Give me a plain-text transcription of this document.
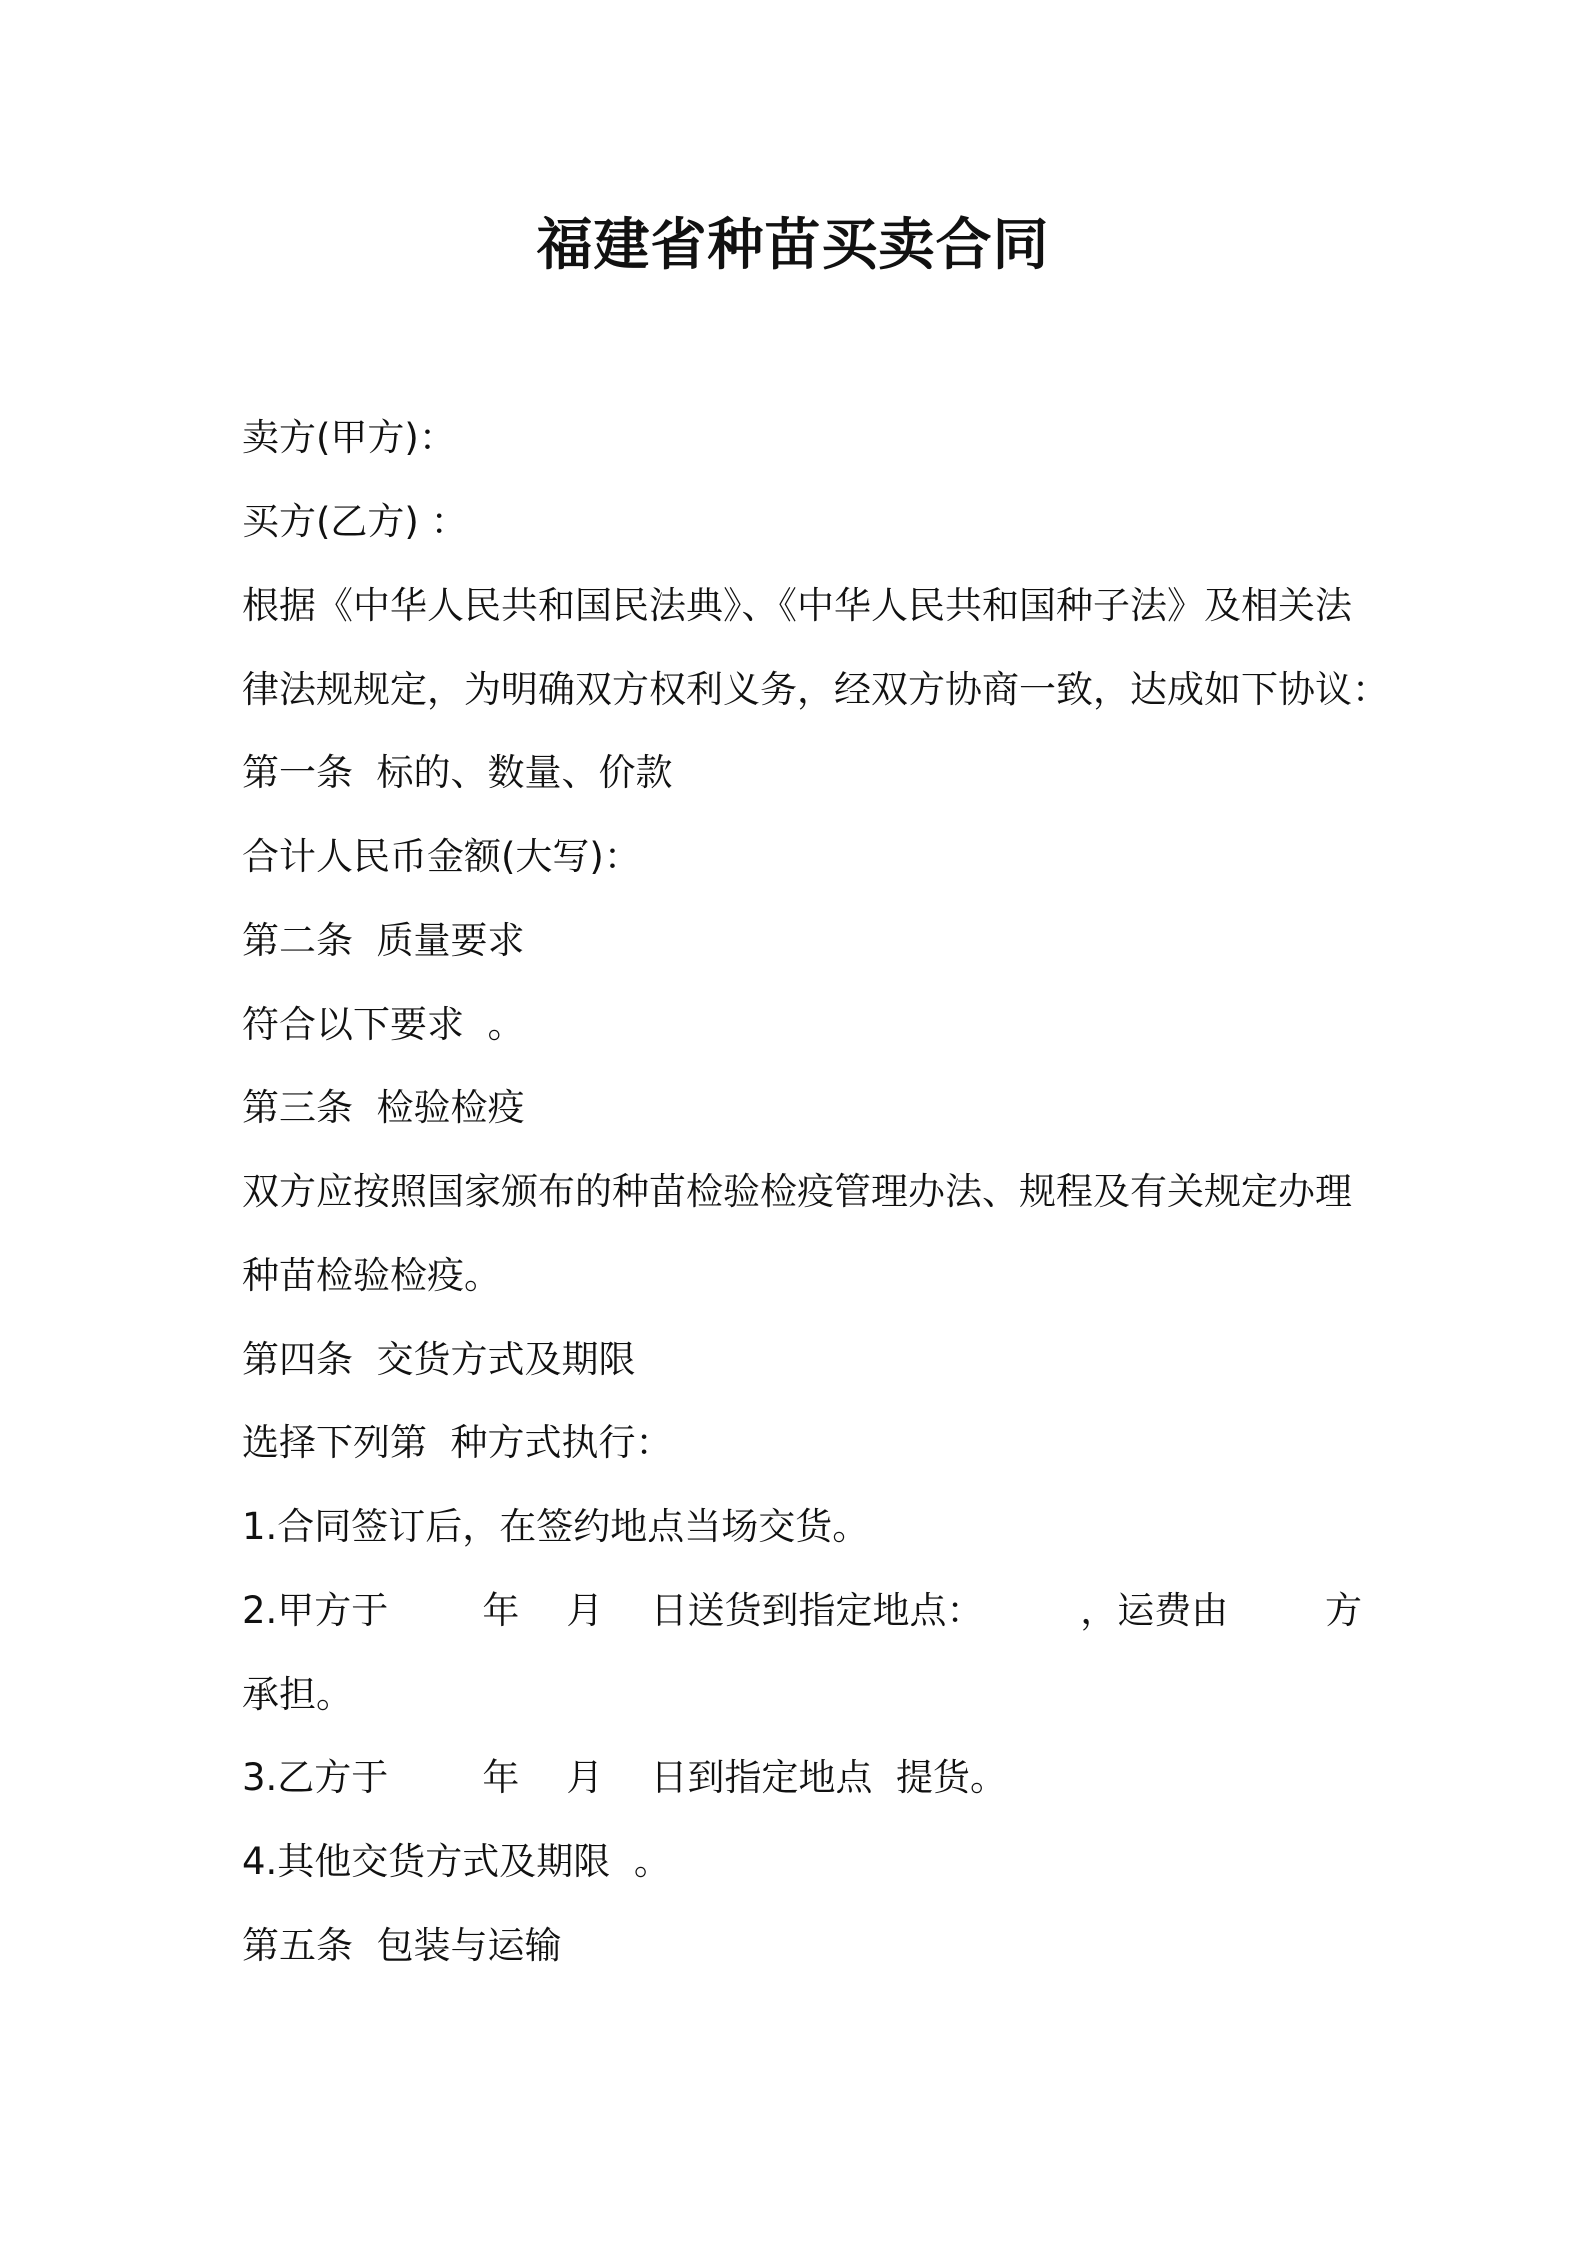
福建省种苗买卖合同

卖方(甲方)：

买方(乙方) ：

根据《中华人民共和国民法典》、《中华人民共和国种子法》及相关法

律法规规定，为明确双方权利义务，经双方协商一致，达成如下协议：

第一条  标的、数量、价款

合计人民币金额(大写)：

第二条  质量要求

符合以下要求  。

第三条  检验检疫

双方应按照国家颁布的种苗检验检疫管理办法、规程及有关规定办理

种苗检验检疫。

第四条  交货方式及期限

选择下列第  种方式执行：

1.合同签订后，在签约地点当场交货。

2.甲方于        年    月    日送货到指定地点：	，运费由	方

承担。

3.乙方于        年    月    日到指定地点  提货。

4.其他交货方式及期限  。

第五条  包装与运输
